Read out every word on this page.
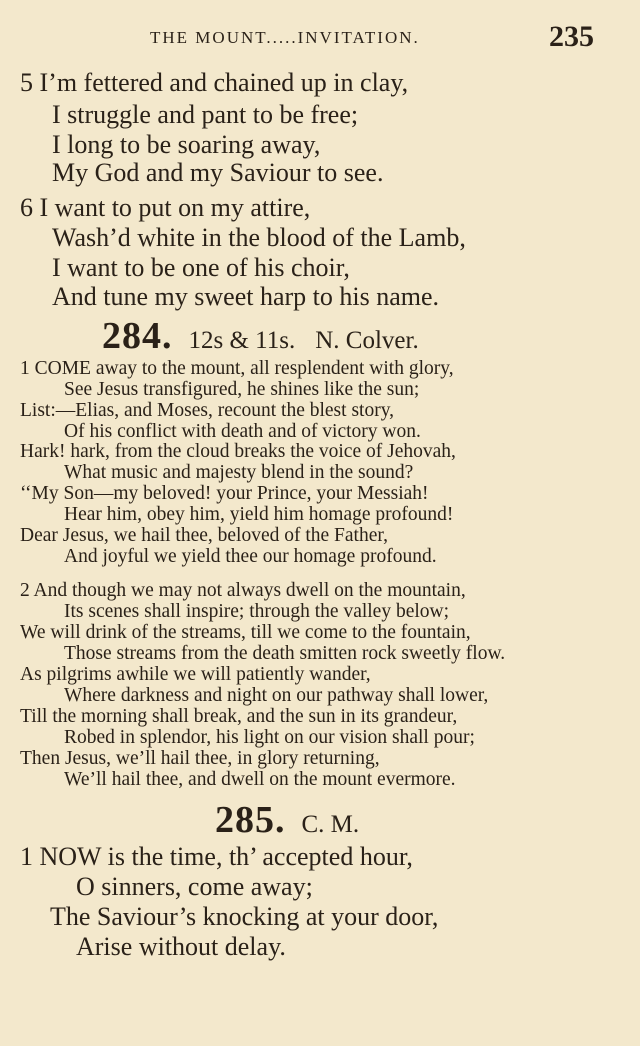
THE MOUNT.....INVITATION.	235
5 I’m fettered and chained up in clay,
I struggle and pant to be free;
I long to be soaring away,
My God and my Saviour to see.
6 I want to put on my attire,
Wash’d white in the blood of the Lamb,
I want to be one of his choir,
And tune my sweet harp to his name.
284. 12s & 11s. N. Colver.
1 COME away to the mount, all resplendent with glory,
See Jesus transfigured, he shines like the sun;
List:—Elias, and Moses, recount the blest story,
Of his conflict with death and of victory won.
Hark! hark, from the cloud breaks the voice of Jehovah,
What music and majesty blend in the sound?
‘‘My Son—my beloved! your Prince, your Messiah!
Hear him, obey him, yield him homage profound!
Dear Jesus, we hail thee, beloved of the Father,
And joyful we yield thee our homage profound.
2 And though we may not always dwell on the mountain,
Its scenes shall inspire; through the valley below;
We will drink of the streams, till we come to the fountain,
Those streams from the death smitten rock sweetly flow.
As pilgrims awhile we will patiently wander,
Where darkness and night on our pathway shall lower,
Till the morning shall break, and the sun in its grandeur,
Robed in splendor, his light on our vision shall pour;
Then Jesus, we’ll hail thee, in glory returning,
We’ll hail thee, and dwell on the mount evermore.
285. C. M.
1 NOW is the time, th’ accepted hour,
O sinners, come away;
The Saviour’s knocking at your door,
Arise without delay.
